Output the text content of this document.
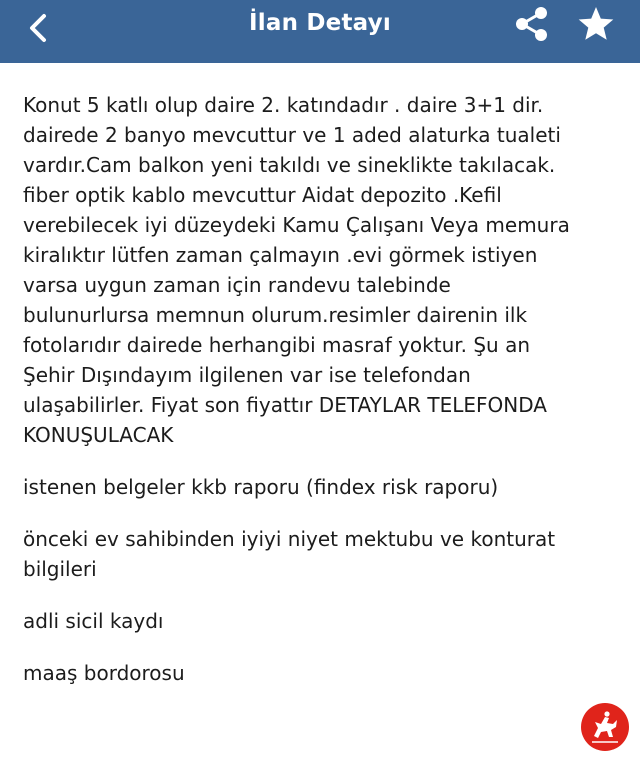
İlan Detayı

Konut 5 katlı olup daire 2. katındadır . daire 3+1 dir.
dairede 2 banyo mevcuttur ve 1 aded alaturka tualeti
vardır.Cam balkon yeni takıldı ve sineklikte takılacak.
fiber optik kablo mevcuttur Aidat depozito .Kefil
verebilecek iyi düzeydeki Kamu Çalışanı Veya memura
kiralıktır lütfen zaman çalmayın .evi görmek istiyen
varsa uygun zaman için randevu talebinde
bulunurlursa memnun olurum.resimler dairenin ilk
fotolarıdır dairede herhangibi masraf yoktur. Şu an
Şehir Dışındayım ilgilenen var ise telefondan
ulaşabilirler. Fiyat son fiyattır DETAYLAR TELEFONDA
KONUŞULACAK

istenen belgeler kkb raporu (findex risk raporu)

önceki ev sahibinden iyiyi niyet mektubu ve konturat
bilgileri

adli sicil kaydı

maaş bordorosu
